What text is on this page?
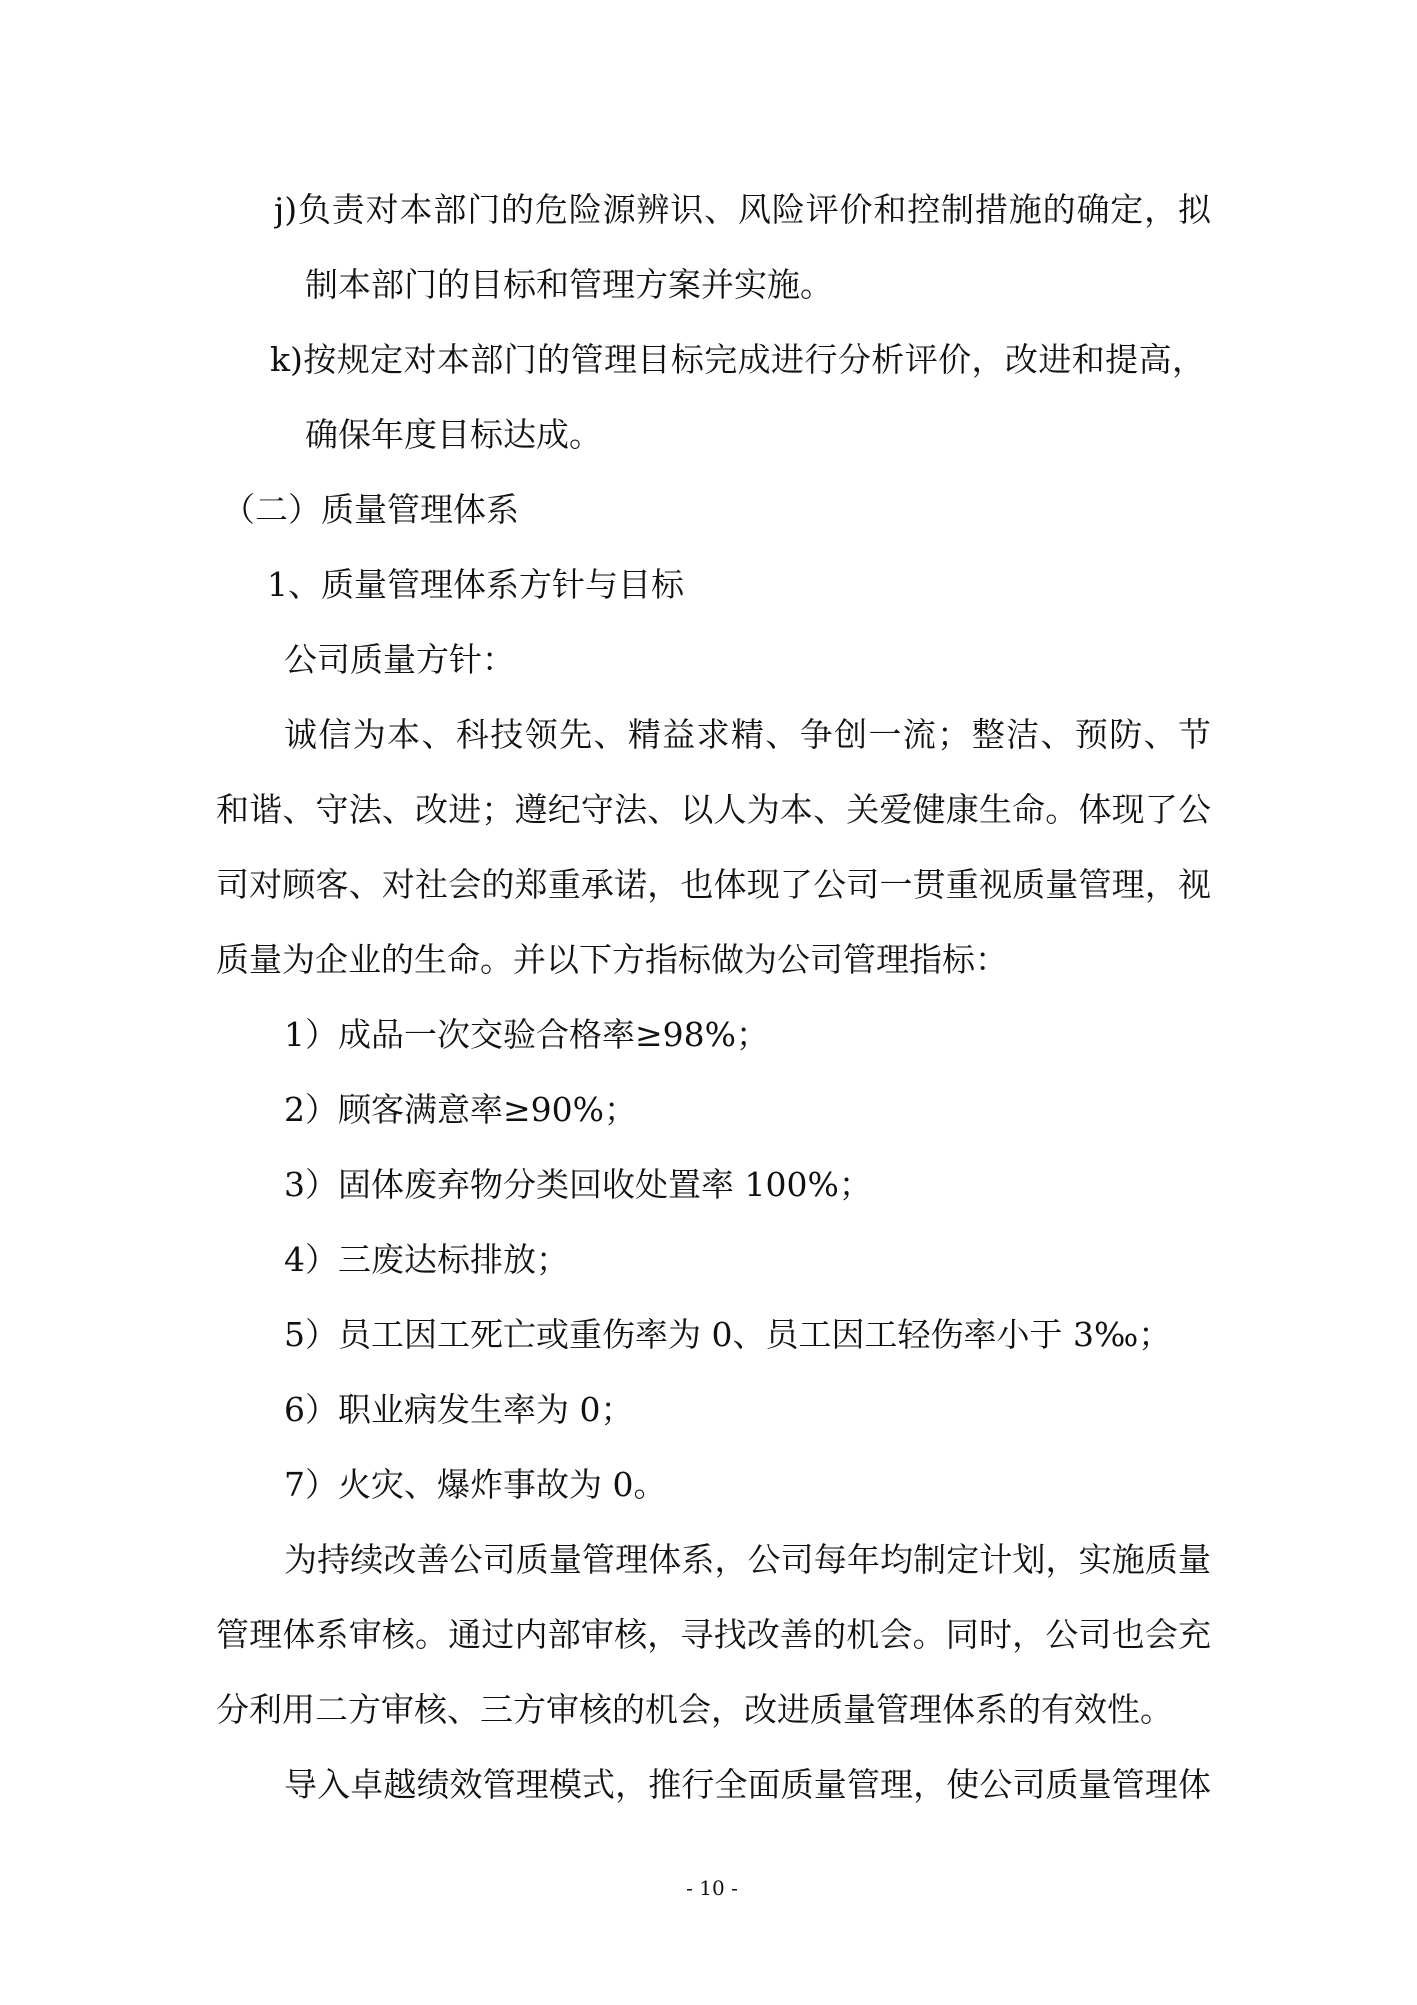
j)负责对本部门的危险源辨识、风险评价和控制措施的确定，拟
制本部门的目标和管理方案并实施。
k)按规定对本部门的管理目标完成进行分析评价，改进和提高，
确保年度目标达成。
（二）质量管理体系
1、质量管理体系方针与目标
公司质量方针：
诚信为本、科技领先、精益求精、争创一流；整洁、预防、节
和谐、守法、改进；遵纪守法、以人为本、关爱健康生命。体现了公
司对顾客、对社会的郑重承诺，也体现了公司一贯重视质量管理，视
质量为企业的生命。并以下方指标做为公司管理指标：
1）成品一次交验合格率≥98%；
2）顾客满意率≥90%；
3）固体废弃物分类回收处置率 100%；
4）三废达标排放；
5）员工因工死亡或重伤率为 0、员工因工轻伤率小于 3‰；
6）职业病发生率为 0；
7）火灾、爆炸事故为 0。
为持续改善公司质量管理体系，公司每年均制定计划，实施质量
管理体系审核。通过内部审核，寻找改善的机会。同时，公司也会充
分利用二方审核、三方审核的机会，改进质量管理体系的有效性。
导入卓越绩效管理模式，推行全面质量管理，使公司质量管理体
- 10 -
